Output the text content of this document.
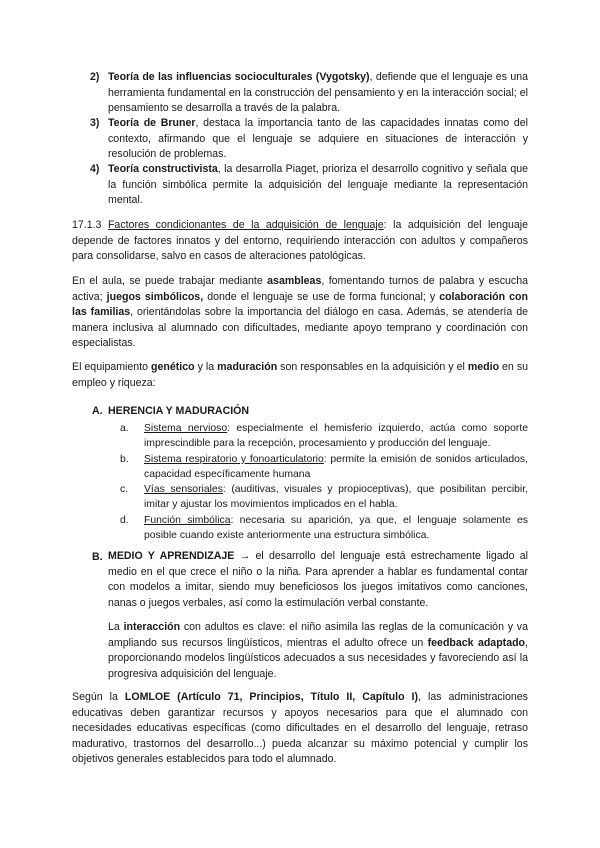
2) Teoría de las influencias socioculturales (Vygotsky), defiende que el lenguaje es una herramienta fundamental en la construcción del pensamiento y en la interacción social; el pensamiento se desarrolla a través de la palabra.
3) Teoría de Bruner, destaca la importancia tanto de las capacidades innatas como del contexto, afirmando que el lenguaje se adquiere en situaciones de interacción y resolución de problemas.
4) Teoría constructivista, la desarrolla Piaget, prioriza el desarrollo cognitivo y señala que la función simbólica permite la adquisición del lenguaje mediante la representación mental.
17.1.3 Factores condicionantes de la adquisición de lenguaje: la adquisición del lenguaje depende de factores innatos y del entorno, requiriendo interacción con adultos y compañeros para consolidarse, salvo en casos de alteraciones patológicas.
En el aula, se puede trabajar mediante asambleas, fomentando turnos de palabra y escucha activa; juegos simbólicos, donde el lenguaje se use de forma funcional; y colaboración con las familias, orientándolas sobre la importancia del diálogo en casa. Además, se atendería de manera inclusiva al alumnado con dificultades, mediante apoyo temprano y coordinación con especialistas.
El equipamiento genético y la maduración son responsables en la adquisición y el medio en su empleo y riqueza:
A. HERENCIA Y MADURACIÓN
a. Sistema nervioso: especialmente el hemisferio izquierdo, actúa como soporte imprescindible para la recepción, procesamiento y producción del lenguaje.
b. Sistema respiratorio y fonoarticulatorio: permite la emisión de sonidos articulados, capacidad específicamente humana
c. Vías sensoriales: (auditivas, visuales y propioceptivas), que posibilitan percibir, imitar y ajustar los movimientos implicados en el habla.
d. Función simbólica: necesaria su aparición, ya que, el lenguaje solamente es posible cuando existe anteriormente una estructura simbólica.
B. MEDIO Y APRENDIZAJE → el desarrollo del lenguaje está estrechamente ligado al medio en el que crece el niño o la niña. Para aprender a hablar es fundamental contar con modelos a imitar, siendo muy beneficiosos los juegos imitativos como canciones, nanas o juegos verbales, así como la estimulación verbal constante.
La interacción con adultos es clave: el niño asimila las reglas de la comunicación y va ampliando sus recursos lingüísticos, mientras el adulto ofrece un feedback adaptado, proporcionando modelos lingüísticos adecuados a sus necesidades y favoreciendo así la progresiva adquisición del lenguaje.
Según la LOMLOE (Artículo 71, Principios, Título II, Capítulo I), las administraciones educativas deben garantizar recursos y apoyos necesarios para que el alumnado con necesidades educativas específicas (como dificultades en el desarrollo del lenguaje, retraso madurativo, trastornos del desarrollo...) pueda alcanzar su máximo potencial y cumplir los objetivos generales establecidos para todo el alumnado.
